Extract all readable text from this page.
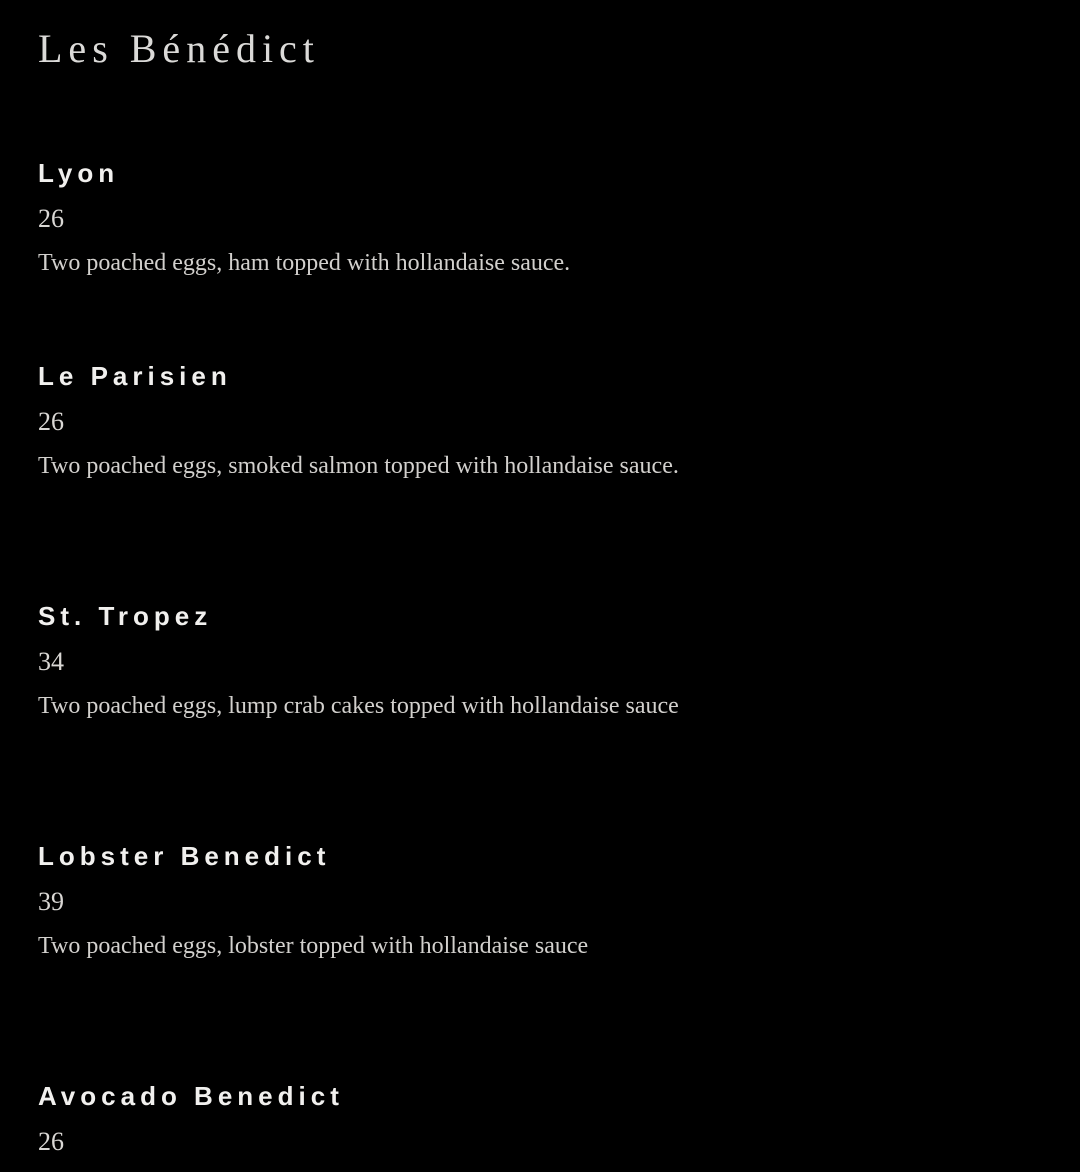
Les Bénédict
Lyon
26
Two poached eggs, ham topped with hollandaise sauce.
Le Parisien
26
Two poached eggs, smoked salmon topped with hollandaise sauce.
St. Tropez
34
Two poached eggs, lump crab cakes topped with hollandaise sauce
Lobster Benedict
39
Two poached eggs, lobster topped with hollandaise sauce
Avocado Benedict
26
